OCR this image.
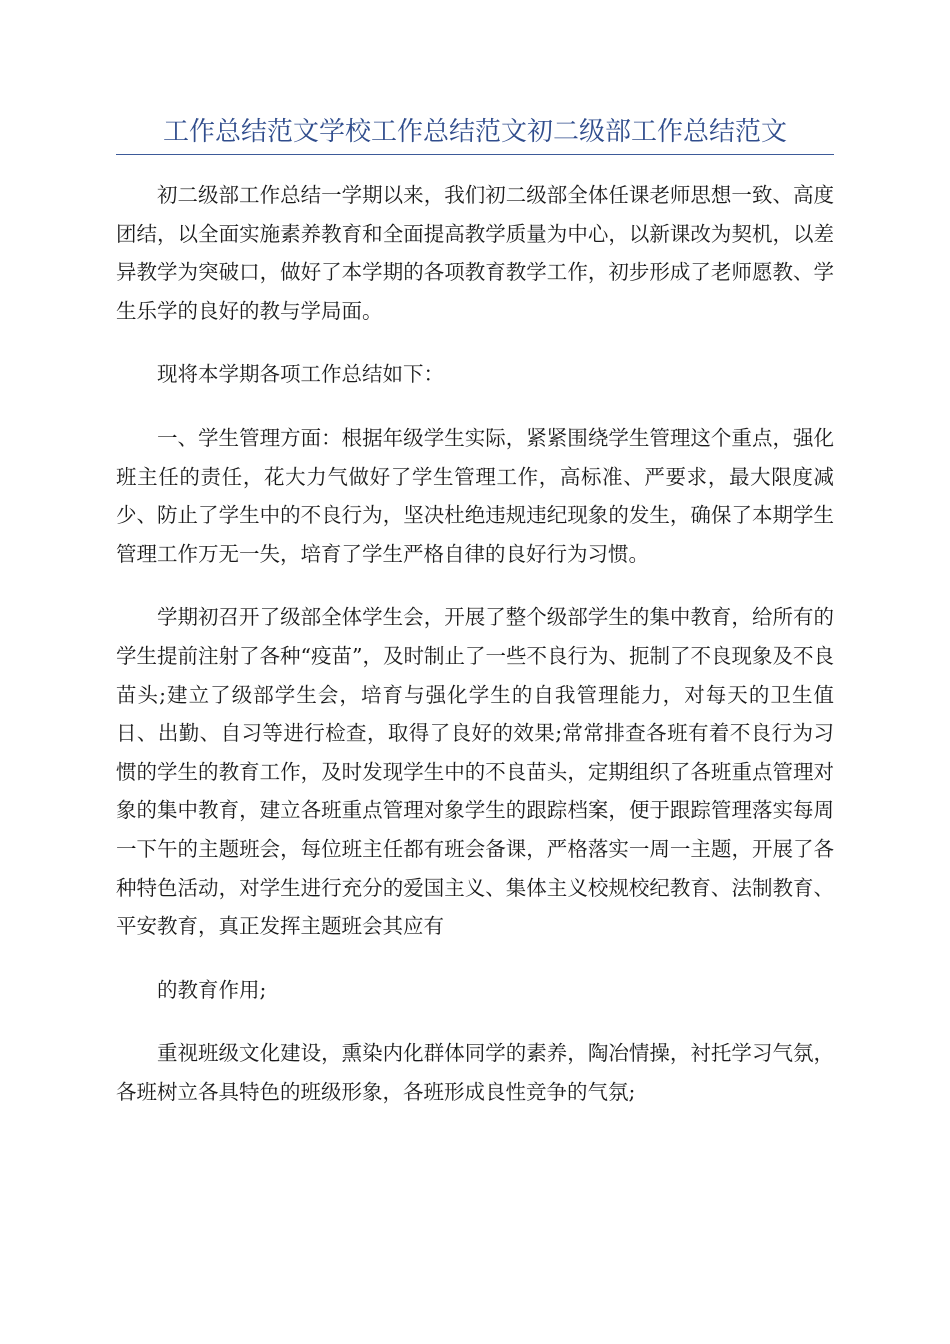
工作总结范文学校工作总结范文初二级部工作总结范文

初二级部工作总结一学期以来，我们初二级部全体任课老师思想一致、高度团结，以全面实施素养教育和全面提高教学质量为中心，以新课改为契机，以差异教学为突破口，做好了本学期的各项教育教学工作，初步形成了老师愿教、学生乐学的良好的教与学局面。

现将本学期各项工作总结如下：

一、学生管理方面：根据年级学生实际，紧紧围绕学生管理这个重点，强化班主任的责任，花大力气做好了学生管理工作，高标准、严要求，最大限度减少、防止了学生中的不良行为，坚决杜绝违规违纪现象的发生，确保了本期学生管理工作万无一失，培育了学生严格自律的良好行为习惯。

学期初召开了级部全体学生会，开展了整个级部学生的集中教育，给所有的学生提前注射了各种“疫苗”，及时制止了一些不良行为、扼制了不良现象及不良苗头;建立了级部学生会，培育与强化学生的自我管理能力，对每天的卫生值日、出勤、自习等进行检查，取得了良好的效果;常常排查各班有着不良行为习惯的学生的教育工作，及时发现学生中的不良苗头，定期组织了各班重点管理对象的集中教育，建立各班重点管理对象学生的跟踪档案，便于跟踪管理落实每周一下午的主题班会，每位班主任都有班会备课，严格落实一周一主题，开展了各种特色活动，对学生进行充分的爱国主义、集体主义校规校纪教育、法制教育、平安教育，真正发挥主题班会其应有

的教育作用;

重视班级文化建设，熏染内化群体同学的素养，陶冶情操，衬托学习气氛，各班树立各具特色的班级形象，各班形成良性竞争的气氛;
